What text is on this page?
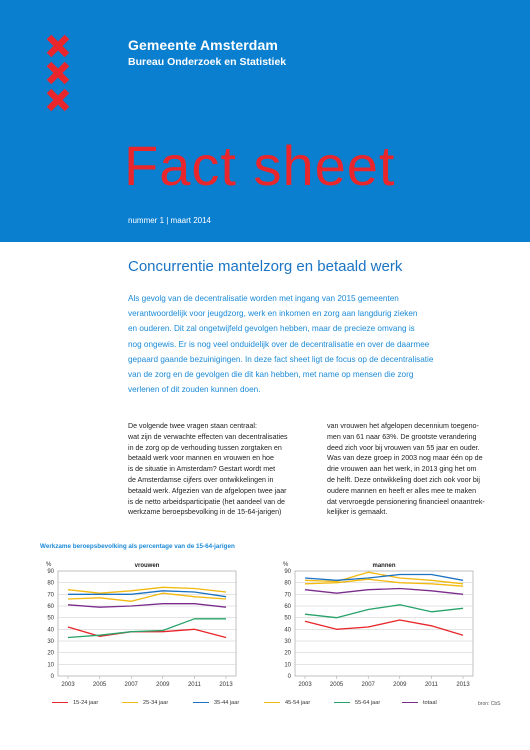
Gemeente Amsterdam
Bureau Onderzoek en Statistiek
Fact sheet
nummer 1 | maart 2014
Concurrentie mantelzorg en betaald werk
Als gevolg van de decentralisatie worden met ingang van 2015 gemeenten
verantwoordelijk voor jeugdzorg, werk en inkomen en zorg aan langdurig zieken
en ouderen. Dit zal ongetwijfeld gevolgen hebben, maar de precieze omvang is
nog ongewis. Er is nog veel onduidelijk over de decentralisatie en over de daarmee
gepaard gaande bezuinigingen. In deze fact sheet ligt de focus op de decentralisatie
van de zorg en de gevolgen die dit kan hebben, met name op mensen die zorg
verlenen of dit zouden kunnen doen.
De volgende twee vragen staan centraal:
wat zijn de verwachte effecten van decentralisaties
in de zorg op de verhouding tussen zorgtaken en
betaald werk voor mannen en vrouwen en hoe
is de situatie in Amsterdam? Gestart wordt met
de Amsterdamse cijfers over ontwikkelingen in
betaald werk. Afgezien van de afgelopen twee jaar
is de netto arbeidsparticipatie (het aandeel van de
werkzame beroepsbevolking in de 15-64-jarigen)
van vrouwen het afgelopen decennium toegeno-
men van 61 naar 63%. De grootste verandering
deed zich voor bij vrouwen van 55 jaar en ouder.
Was van deze groep in 2003 nog maar één op de
drie vrouwen aan het werk, in 2013 ging het om
de helft. Deze ontwikkeling doet zich ook voor bij
oudere mannen en heeft er alles mee te maken
dat vervroegde pensionering financieel onaantrek-
kelijker is gemaakt.
Werkzame beroepsbevolking als percentage van de 15-64-jarigen
0
10
20
30
40
50
60
70
80
90
%	vrouwen
2003	2005	2007	2009	2011	2013
0
10
20
30
40
50
60
70
80
90
%	mannen
2003	2005	2007	2009	2011	2013
15-24 jaar	25-34 jaar	35-44 jaar	45-54 jaar	55-64 jaar	totaal	bron: CbS
